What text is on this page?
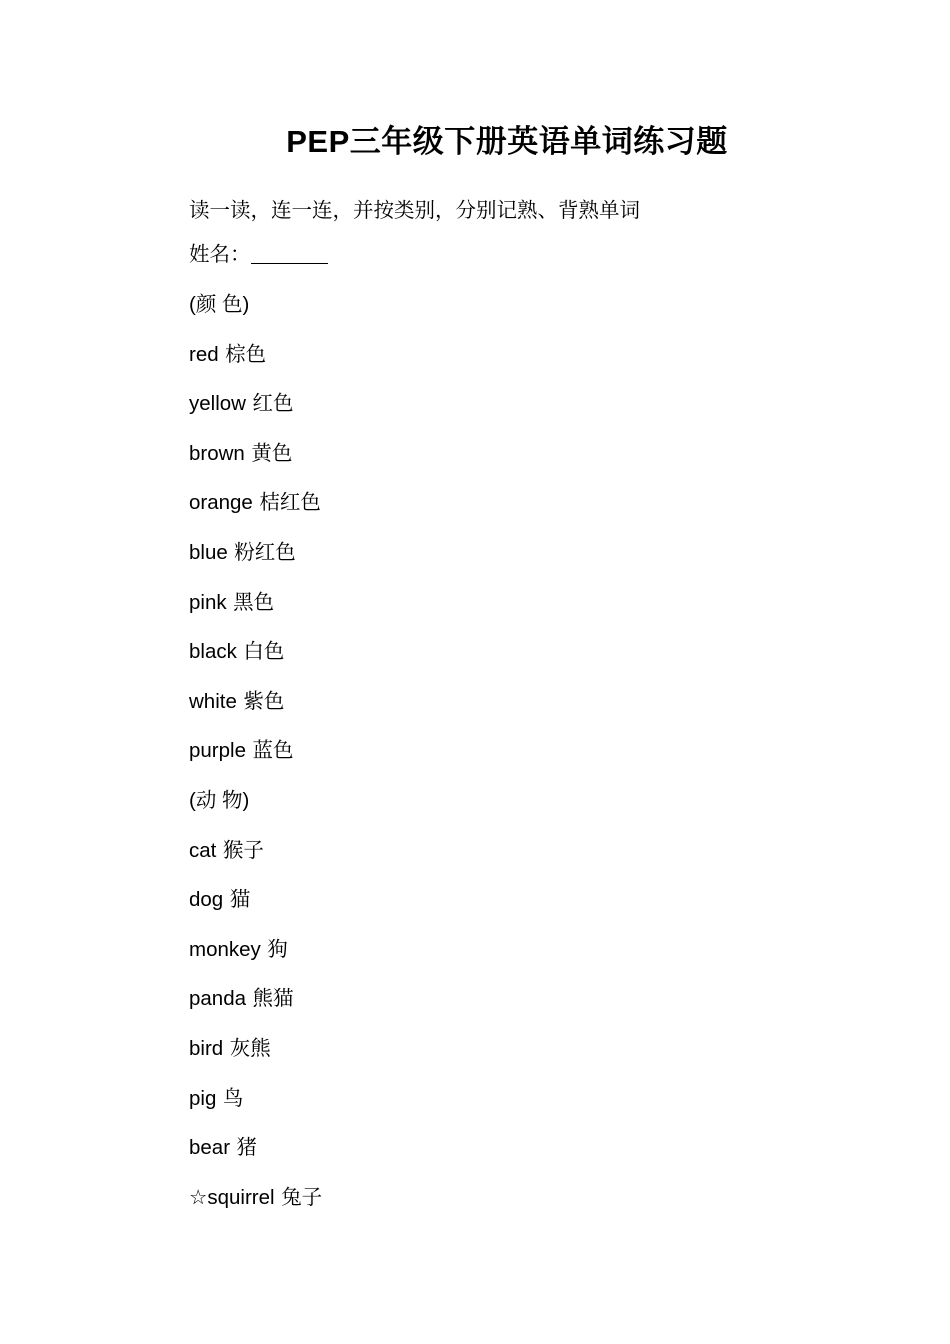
PEP三年级下册英语单词练习题
读一读，连一连，并按类别，分别记熟、背熟单词
姓名：
(颜 色)
red 棕色
yellow 红色
brown 黄色
orange 桔红色
blue 粉红色
pink 黑色
black 白色
white 紫色
purple 蓝色
(动 物)
cat 猴子
dog 猫
monkey 狗
panda 熊猫
bird 灰熊
pig 鸟
bear 猪
☆squirrel 兔子
